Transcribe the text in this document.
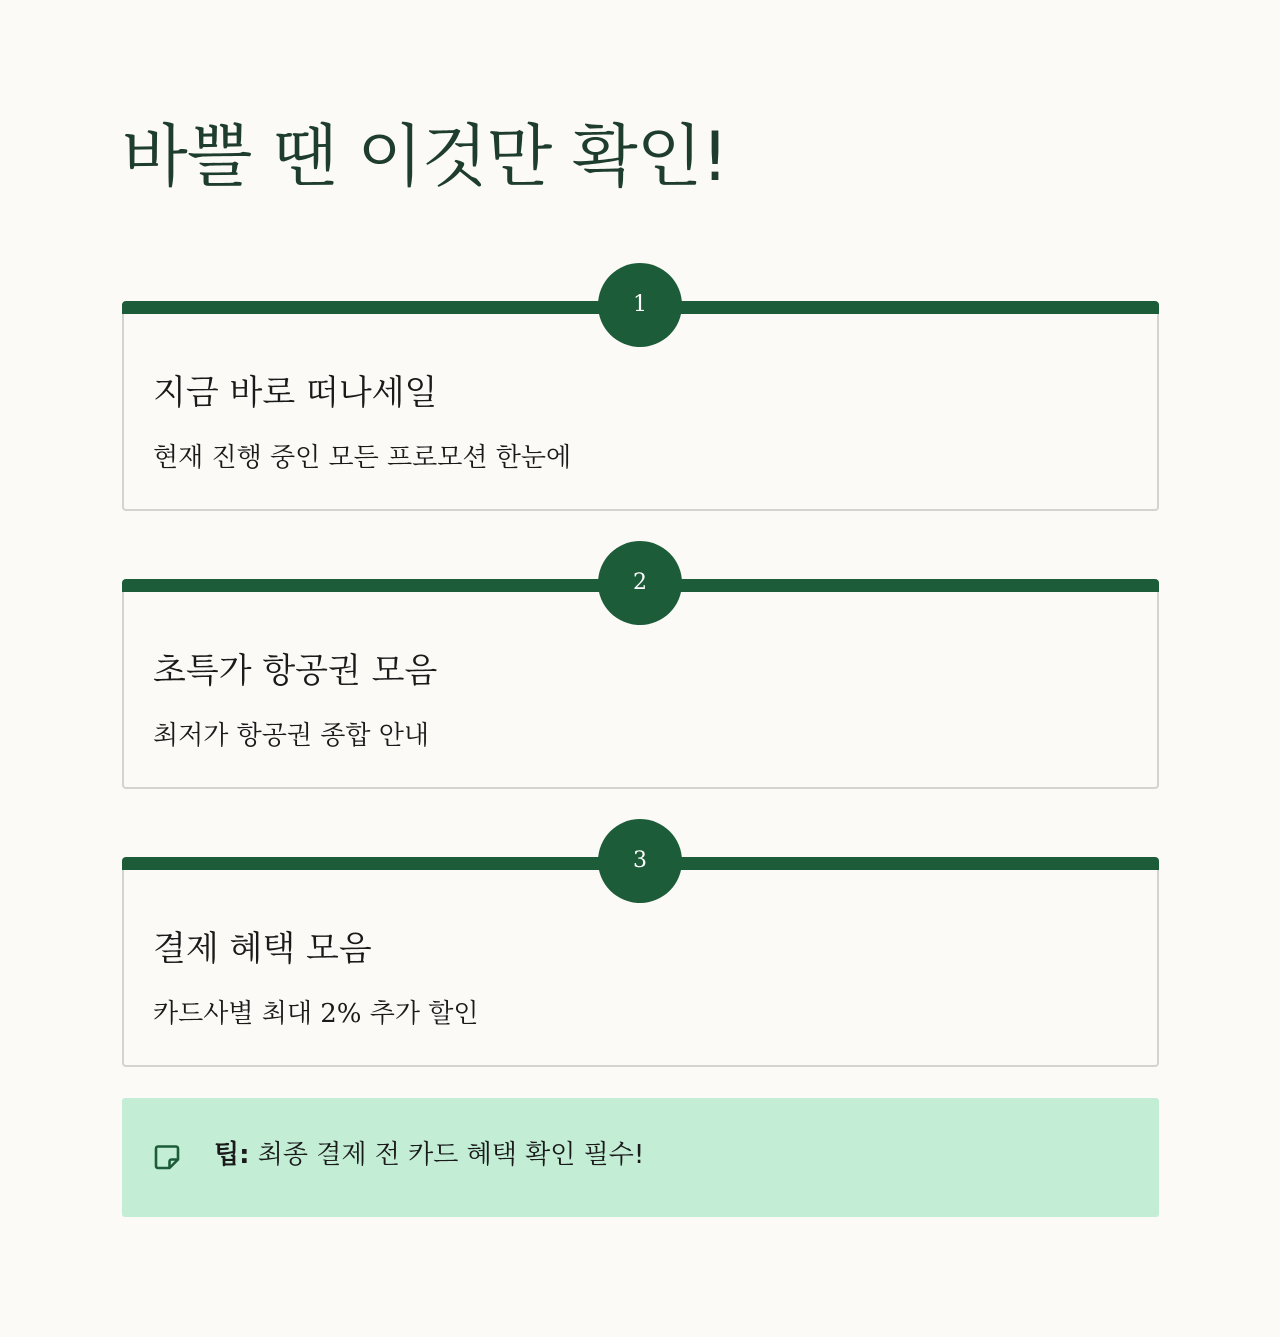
바쁠 땐 이것만 확인!
1
지금 바로 떠나세일
현재 진행 중인 모든 프로모션 한눈에
2
초특가 항공권 모음
최저가 항공권 종합 안내
3
결제 혜택 모음
카드사별 최대 2% 추가 할인
팁: 최종 결제 전 카드 혜택 확인 필수!
